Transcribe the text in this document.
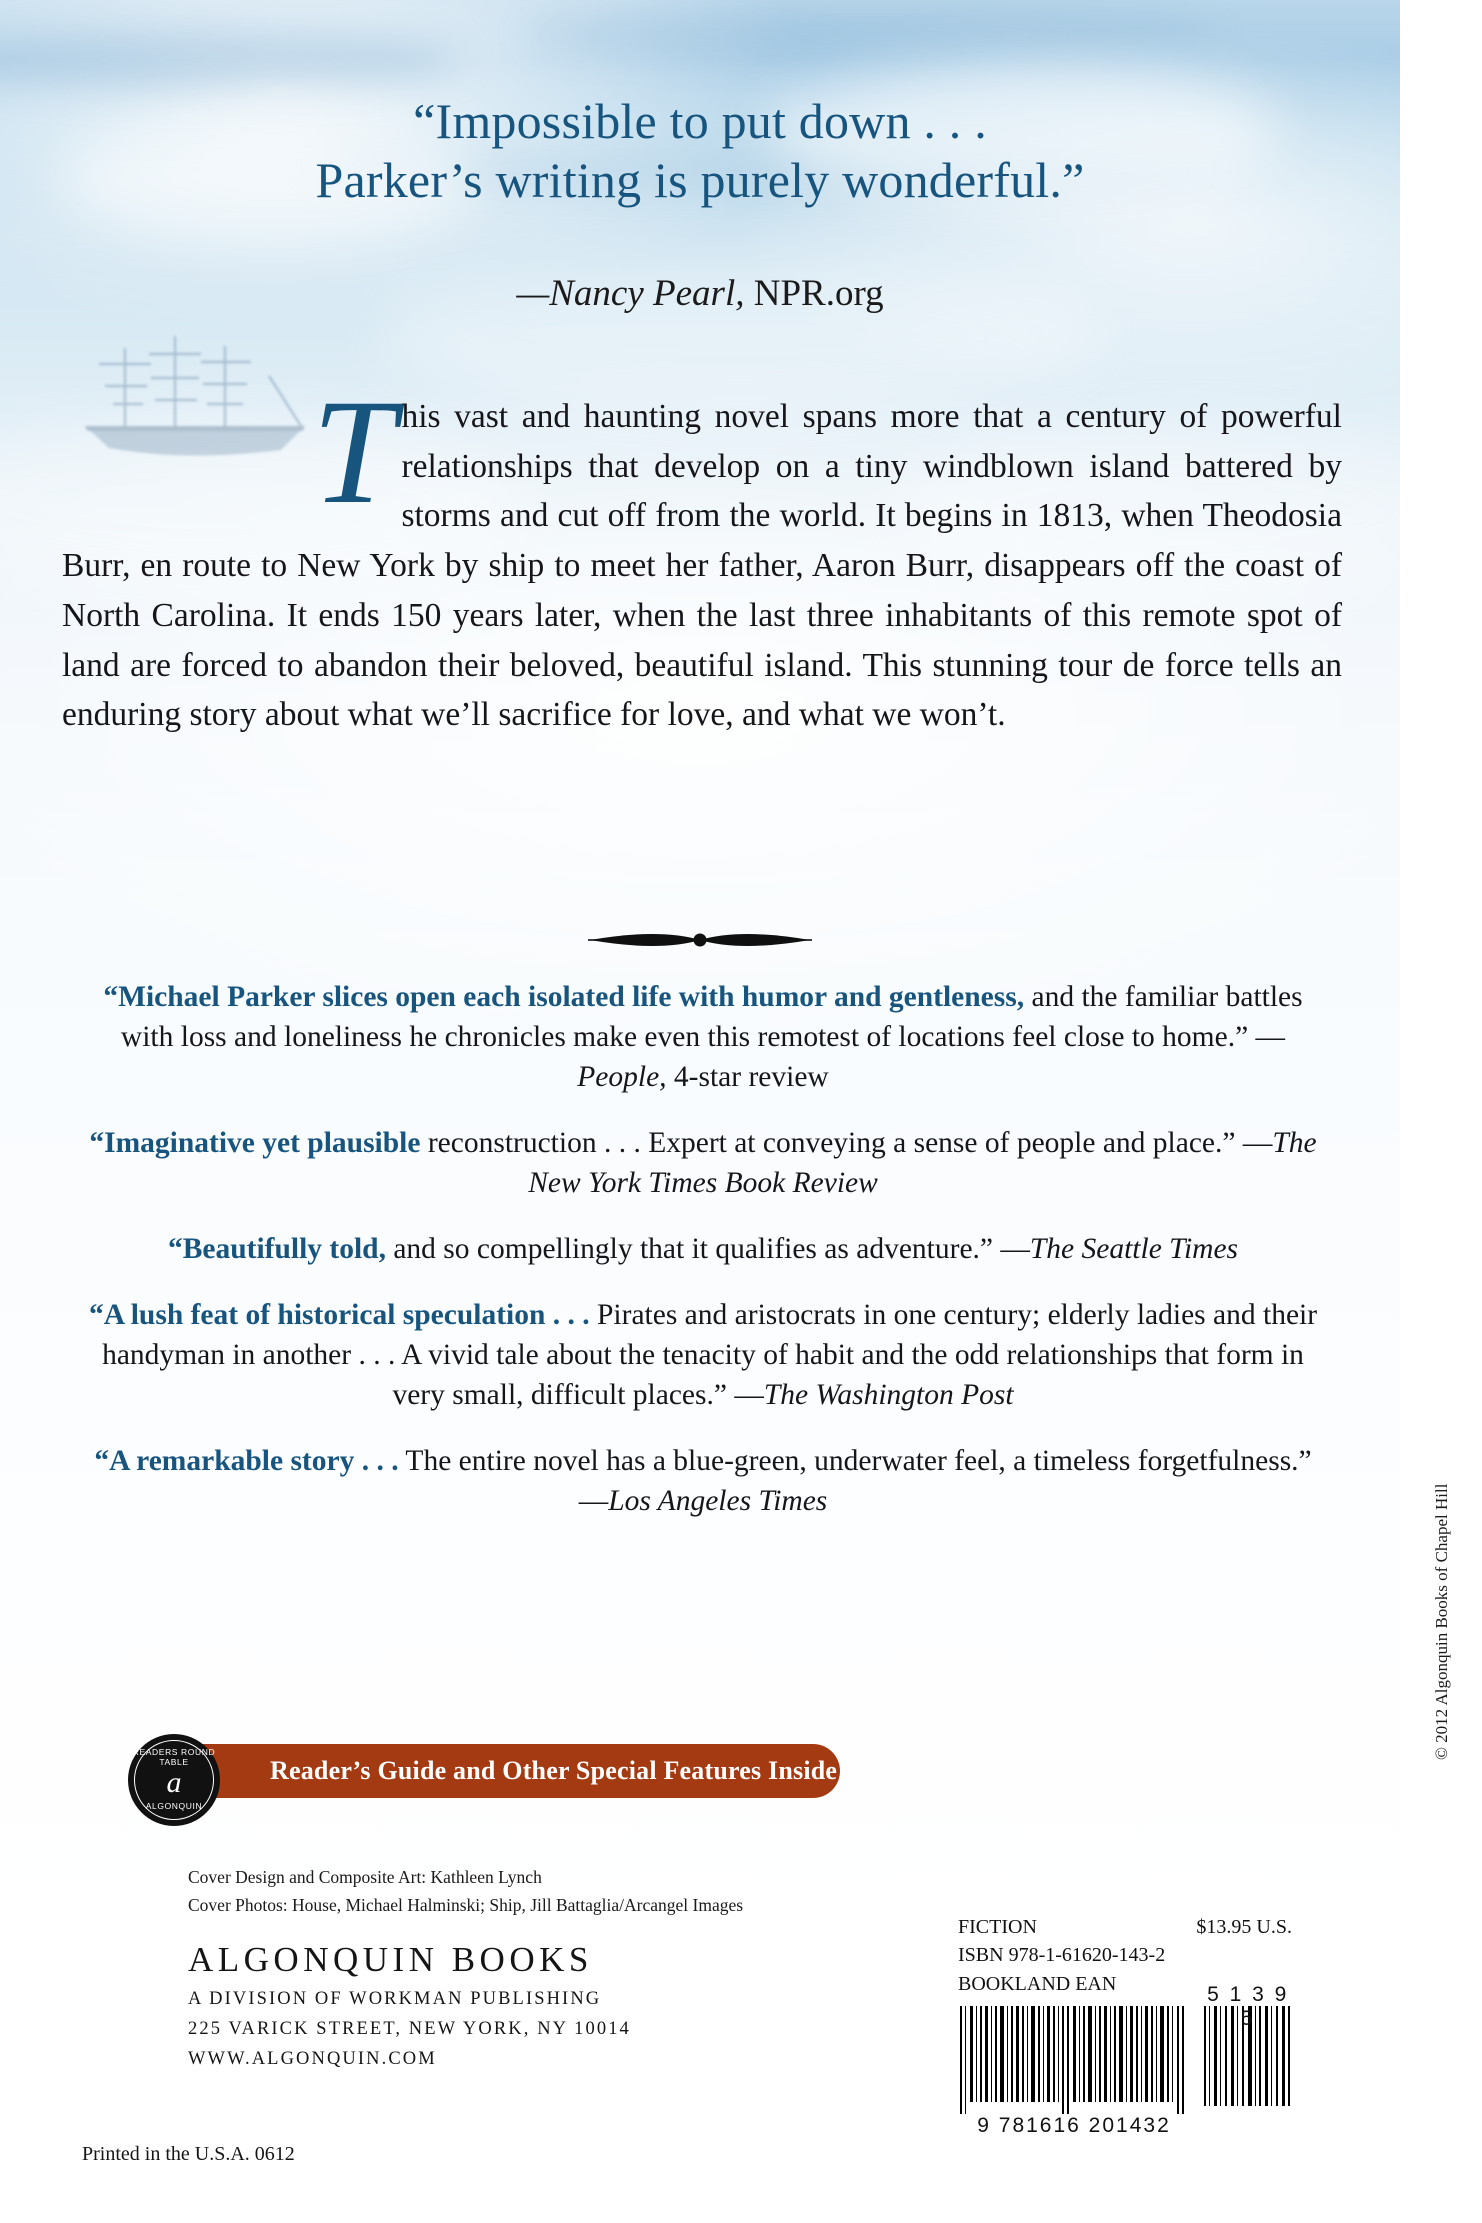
“Impossible to put down . . .
Parker’s writing is purely wonderful.”
—Nancy Pearl, NPR.org
T his vast and haunting novel spans more that a century of powerful relationships that develop on a tiny windblown island battered by storms and cut off from the world. It begins in 1813, when Theodosia Burr, en route to New York by ship to meet her father, Aaron Burr, disappears off the coast of North Carolina. It ends 150 years later, when the last three inhabitants of this remote spot of land are forced to abandon their beloved, beautiful island. This stunning tour de force tells an enduring story about what we’ll sacrifice for love, and what we won’t.
“Michael Parker slices open each isolated life with humor and gentleness, and the familiar battles with loss and loneliness he chronicles make even this remotest of locations feel close to home.” —People, 4-star review
“Imaginative yet plausible reconstruction . . . Expert at conveying a sense of people and place.” —The New York Times Book Review
“Beautifully told, and so compellingly that it qualifies as adventure.” —The Seattle Times
“A lush feat of historical speculation . . . Pirates and aristocrats in one century; elderly ladies and their handyman in another . . . A vivid tale about the tenacity of habit and the odd relationships that form in very small, difficult places.” —The Washington Post
“A remarkable story . . . The entire novel has a blue-green, underwater feel, a timeless forgetfulness.” —Los Angeles Times
Reader’s Guide and Other Special Features Inside
READERS ROUND TABLE
a
ALGONQUIN
Cover Design and Composite Art: Kathleen Lynch
Cover Photos: House, Michael Halminski; Ship, Jill Battaglia/Arcangel Images
ALGONQUIN BOOKS
A DIVISION OF WORKMAN PUBLISHING
225 VARICK STREET, NEW YORK, NY 10014
WWW.ALGONQUIN.COM
Printed in the U.S.A. 0612
FICTION	$13.95 U.S.
ISBN 978-1-61620-143-2
BOOKLAND EAN	5 1 3 9 5
9 781616 201432
© 2012 Algonquin Books of Chapel Hill
